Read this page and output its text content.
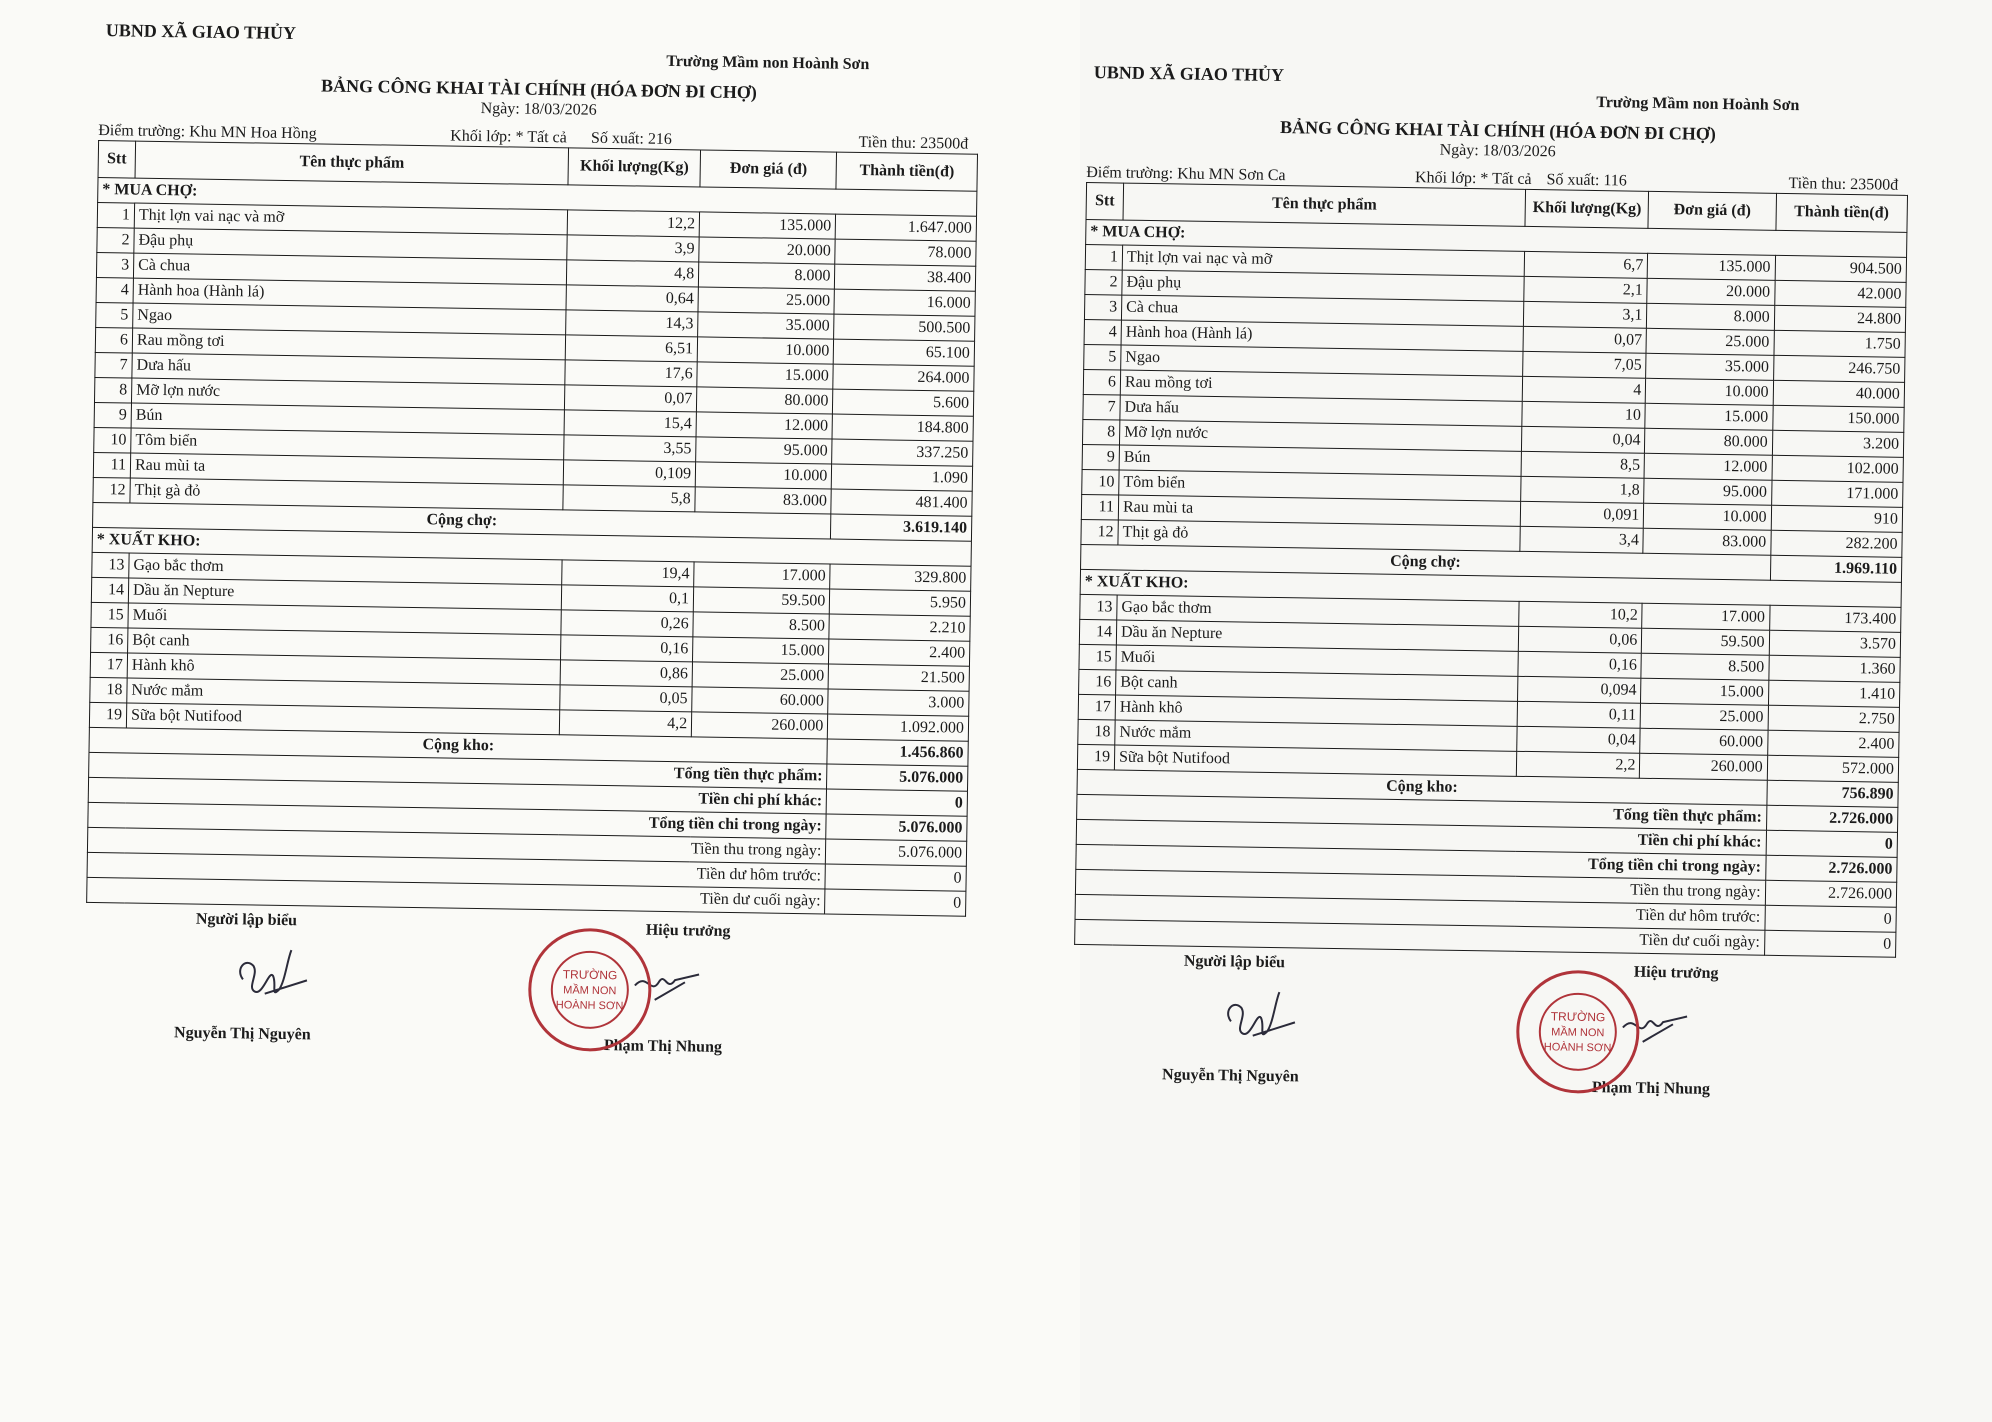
UBND XÃ GIAO THỦY
Trường Mầm non Hoành Sơn
BẢNG CÔNG KHAI TÀI CHÍNH (HÓA ĐƠN ĐI CHỢ)
Ngày: 18/03/2026
Điểm trường: Khu MN Hoa Hồng	Khối lớp: * Tất cả	Số xuất: 216	Tiền thu: 23500đ
Stt	Tên thực phẩm	Khối lượng(Kg)	Đơn giá (đ)	Thành tiền(đ)
* MUA CHỢ:				
1	Thịt lợn vai nạc và mỡ	12,2	135.000	1.647.000
2	Đậu phụ	3,9	20.000	78.000
3	Cà chua	4,8	8.000	38.400
4	Hành hoa (Hành lá)	0,64	25.000	16.000
5	Ngao	14,3	35.000	500.500
6	Rau mồng tơi	6,51	10.000	65.100
7	Dưa hấu	17,6	15.000	264.000
8	Mỡ lợn nước	0,07	80.000	5.600
9	Bún	15,4	12.000	184.800
10	Tôm biển	3,55	95.000	337.250
11	Rau mùi ta	0,109	10.000	1.090
12	Thịt gà đỏ	5,8	83.000	481.400
Cộng chợ:				3.619.140
* XUẤT KHO:				
13	Gạo bắc thơm	19,4	17.000	329.800
14	Dầu ăn Nepture	0,1	59.500	5.950
15	Muối	0,26	8.500	2.210
16	Bột canh	0,16	15.000	2.400
17	Hành khô	0,86	25.000	21.500
18	Nước mắm	0,05	60.000	3.000
19	Sữa bột Nutifood	4,2	260.000	1.092.000
Cộng kho:				1.456.860
Tổng tiền thực phẩm:				5.076.000
Tiền chi phí khác:				0
Tổng tiền chi trong ngày:				5.076.000
Tiền thu trong ngày:				5.076.000
Tiền dư hôm trước:				0
Tiền dư cuối ngày:				0
Người lập biểu
Nguyễn Thị Nguyên
Hiệu trưởng
Phạm Thị Nhung
TRƯỜNG
MẦM NON
HOÀNH SƠN
UBND XÃ GIAO THỦY
Trường Mầm non Hoành Sơn
BẢNG CÔNG KHAI TÀI CHÍNH (HÓA ĐƠN ĐI CHỢ)
Ngày: 18/03/2026
Điểm trường: Khu MN Sơn Ca	Khối lớp: * Tất cả Số xuất: 116	Tiền thu: 23500đ
Stt	Tên thực phẩm	Khối lượng(Kg)	Đơn giá (đ)	Thành tiền(đ)
* MUA CHỢ:				
1	Thịt lợn vai nạc và mỡ	6,7	135.000	904.500
2	Đậu phụ	2,1	20.000	42.000
3	Cà chua	3,1	8.000	24.800
4	Hành hoa (Hành lá)	0,07	25.000	1.750
5	Ngao	7,05	35.000	246.750
6	Rau mồng tơi	4	10.000	40.000
7	Dưa hấu	10	15.000	150.000
8	Mỡ lợn nước	0,04	80.000	3.200
9	Bún	8,5	12.000	102.000
10	Tôm biển	1,8	95.000	171.000
11	Rau mùi ta	0,091	10.000	910
12	Thịt gà đỏ	3,4	83.000	282.200
Cộng chợ:				1.969.110
* XUẤT KHO:				
13	Gạo bắc thơm	10,2	17.000	173.400
14	Dầu ăn Nepture	0,06	59.500	3.570
15	Muối	0,16	8.500	1.360
16	Bột canh	0,094	15.000	1.410
17	Hành khô	0,11	25.000	2.750
18	Nước mắm	0,04	60.000	2.400
19	Sữa bột Nutifood	2,2	260.000	572.000
Cộng kho:				756.890
Tổng tiền thực phẩm:				2.726.000
Tiền chi phí khác:				0
Tổng tiền chi trong ngày:				2.726.000
Tiền thu trong ngày:				2.726.000
Tiền dư hôm trước:				0
Tiền dư cuối ngày:				0
Người lập biểu
Nguyễn Thị Nguyên
Hiệu trưởng
Phạm Thị Nhung
TRƯỜNG
MẦM NON
HOÀNH SƠN
